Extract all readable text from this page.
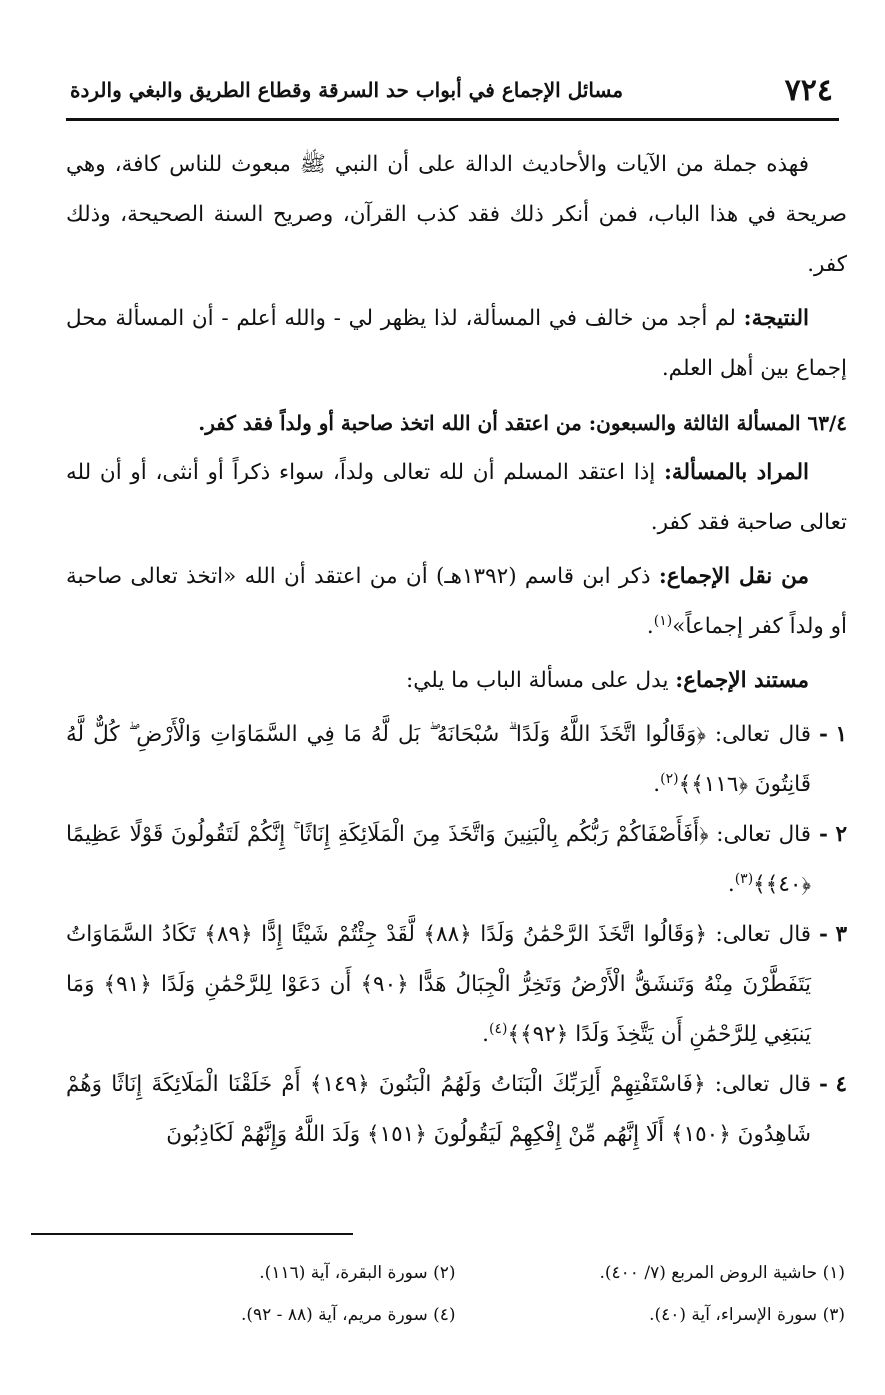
٧٢٤
مسائل الإجماع في أبواب حد السرقة وقطاع الطريق والبغي والردة

فهذه جملة من الآيات والأحاديث الدالة على أن النبي ﷺ مبعوث للناس كافة، وهي صريحة في هذا الباب، فمن أنكر ذلك فقد كذب القرآن، وصريح السنة الصحيحة، وذلك كفر.

النتيجة: لم أجد من خالف في المسألة، لذا يظهر لي - والله أعلم - أن المسألة محل إجماع بين أهل العلم.

٦٣/٤ المسألة الثالثة والسبعون: من اعتقد أن الله اتخذ صاحبة أو ولداً فقد كفر.

المراد بالمسألة: إذا اعتقد المسلم أن لله تعالى ولداً، سواء ذكراً أو أنثى، أو أن لله تعالى صاحبة فقد كفر.

من نقل الإجماع: ذكر ابن قاسم (١٣٩٢هـ) أن من اعتقد أن الله «اتخذ تعالى صاحبة أو ولداً كفر إجماعاً»$^{(١)}$.

مستند الإجماع: يدل على مسألة الباب ما يلي:

١ -
قال تعالى: ﴿وَقَالُوا اتَّخَذَ اللَّهُ وَلَدًا ۗ سُبْحَانَهُ ۖ بَل لَّهُ مَا فِي السَّمَاوَاتِ وَالْأَرْضِ ۖ كُلٌّ لَّهُ قَانِتُونَ ﴿١١٦﴾﴾$^{(٢)}$.
٢ -
قال تعالى: ﴿أَفَأَصْفَاكُمْ رَبُّكُم بِالْبَنِينَ وَاتَّخَذَ مِنَ الْمَلَائِكَةِ إِنَاثًا ۚ إِنَّكُمْ لَتَقُولُونَ قَوْلًا عَظِيمًا ﴿٤٠﴾﴾$^{(٣)}$.
٣ -
قال تعالى: ﴿وَقَالُوا اتَّخَذَ الرَّحْمَٰنُ وَلَدًا ﴿٨٨﴾ لَّقَدْ جِئْتُمْ شَيْئًا إِدًّا ﴿٨٩﴾ تَكَادُ السَّمَاوَاتُ يَتَفَطَّرْنَ مِنْهُ وَتَنشَقُّ الْأَرْضُ وَتَخِرُّ الْجِبَالُ هَدًّا ﴿٩٠﴾ أَن دَعَوْا لِلرَّحْمَٰنِ وَلَدًا ﴿٩١﴾ وَمَا يَنبَغِي لِلرَّحْمَٰنِ أَن يَتَّخِذَ وَلَدًا ﴿٩٢﴾﴾$^{(٤)}$.
٤ -
قال تعالى: ﴿فَاسْتَفْتِهِمْ أَلِرَبِّكَ الْبَنَاتُ وَلَهُمُ الْبَنُونَ ﴿١٤٩﴾ أَمْ خَلَقْنَا الْمَلَائِكَةَ إِنَاثًا وَهُمْ شَاهِدُونَ ﴿١٥٠﴾ أَلَا إِنَّهُم مِّنْ إِفْكِهِمْ لَيَقُولُونَ ﴿١٥١﴾ وَلَدَ اللَّهُ وَإِنَّهُمْ لَكَاذِبُونَ
(١) حاشية الروض المربع (٧/ ٤٠٠).
(٢) سورة البقرة، آية (١١٦).
(٣) سورة الإسراء، آية (٤٠).
(٤) سورة مريم، آية (٨٨ - ٩٢).
